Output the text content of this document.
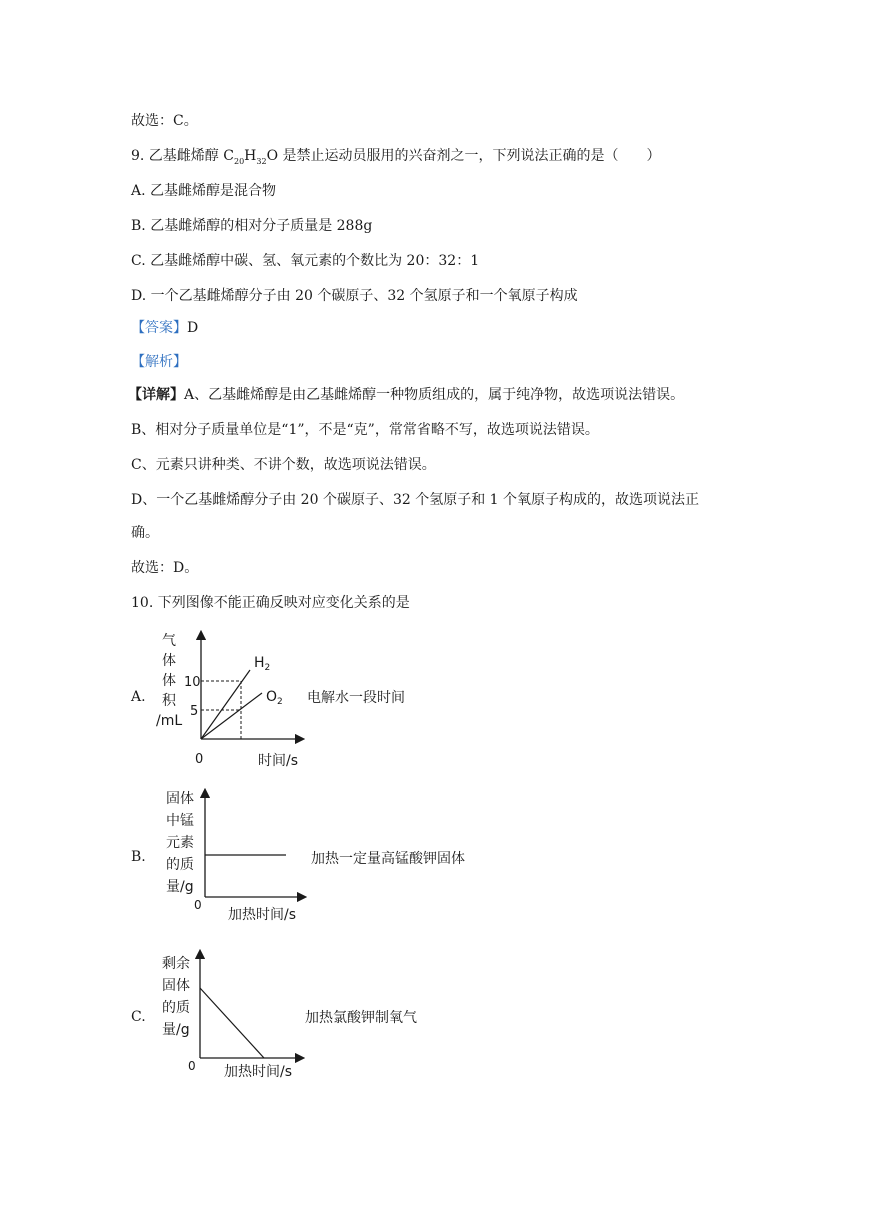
故选：C。
9. 乙基雌烯醇 $C_{20}H_{32}O$ 是禁止运动员服用的兴奋剂之一，下列说法正确的是（　　）
A. 乙基雌烯醇是混合物
B. 乙基雌烯醇的相对分子质量是 288g
C. 乙基雌烯醇中碳、氢、氧元素的个数比为 20：32：1
D. 一个乙基雌烯醇分子由 20 个碳原子、32 个氢原子和一个氧原子构成
【答案】D
【解析】
【详解】A、乙基雌烯醇是由乙基雌烯醇一种物质组成的，属于纯净物，故选项说法错误。
B、相对分子质量单位是“1”，不是“克”，常常省略不写，故选项说法错误。
C、元素只讲种类、不讲个数，故选项说法错误。
D、一个乙基雌烯醇分子由 20 个碳原子、32 个氢原子和 1 个氧原子构成的，故选项说法正
确。
故选：D。
10. 下列图像不能正确反映对应变化关系的是
A.
气
体
体
积
/mL
10
5
0	时间/s
$H_2$
$O_2$ 电解水一段时间
B.
固体
中锰
元素
的质
量/g
0
加热时间/s
加热一定量高锰酸钾固体
C.
剩余
固体
的质
量/g
0 加热时间/s
加热氯酸钾制氧气
